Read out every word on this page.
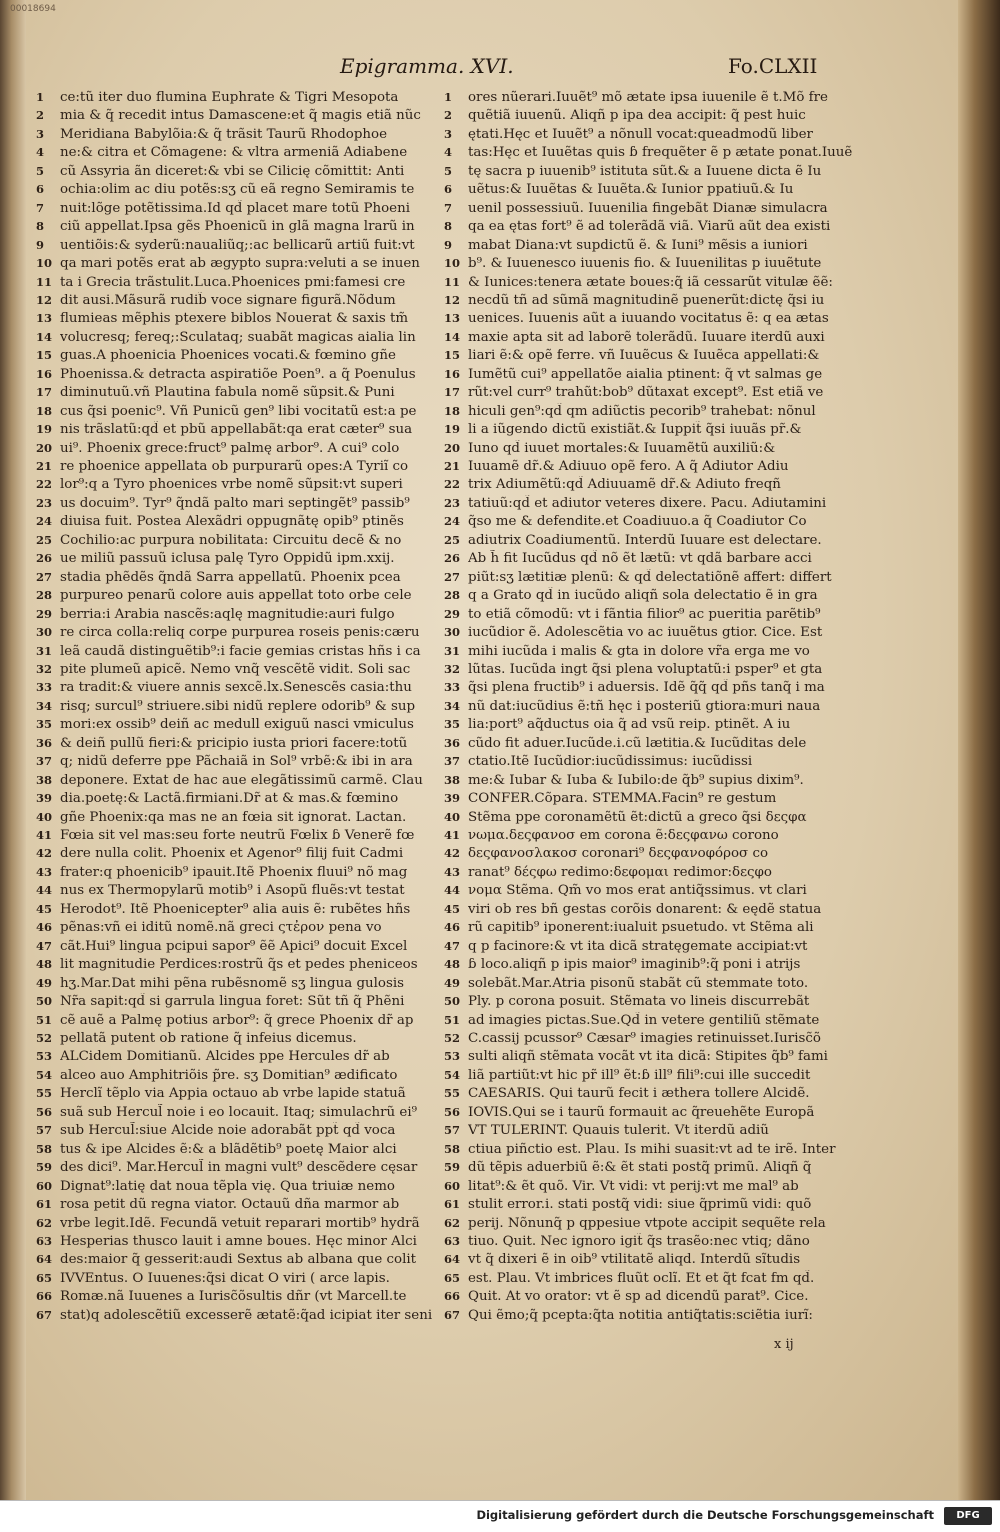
00018694
Epigramma. XVI.	Fo.CLXII
1	ce:tũ iter duo flumina Euphrate & Tigri Mesopota
2	mia & q̃ recedit intus Damascene:et q̃ magis etiã nũc
3	Meridiana Babylõia:& q̃ trãsit Taurũ Rhodophoe
4	ne:& citra et Cõmagene: & vltra armeniã Adiabene
5	cũ Assyria ãn diceret:& vbi se Cilicię cõmittit: Anti
6	ochia:olim ac diu potẽs:sʒ cũ eã regno Semiramis te
7	nuit:lõge potẽtissima.Id qd̃ placet mare totũ Phoeni
8	ciũ appellat.Ipsa gẽs Phoenicũ in glã magna lrarũ in
9	uentiõis:& syderũ:naualiũq;:ac bellicarũ artiũ fuit:vt
10 qa mari potẽs erat ab ægypto supra:veluti a se inuen
11 ta i Grecia trãstulit.Luca.Phoenices pmi:famesi cre
12 dit ausi.Mãsurã rudib̃ voce signare figurã.Nõdum
13 flumieas mẽphis ptexere biblos Nouerat & saxis tm̃
14 volucresq; fereq;:Sculataq; suabãt magicas aialia lin
15 guas.A phoenicia Phoenices vocati.& fœmino gñe
16 Phoenissa.& detracta aspiratiõe Poen⁹. a q̃ Poenulus
17 diminutuũ.vñ Plautina fabula nomẽ sũpsit.& Puni
18 cus q̃si poenic⁹. Vñ Punicũ gen⁹ libi vocitatũ est:a pe
19 nis trãslatũ:qd̃ et pbũ appellabãt:qa erat cæter⁹ sua
20 ui⁹. Phoenix grece:fruct⁹ palmę arbor⁹. A cui⁹ colo
21 re phoenice appellata ob purpurarũ opes:A Tyriĩ co
22 lor⁹:q a Tyro phoenices vrbe nomẽ sũpsit:vt superi
23 us docuim⁹. Tyr⁹ q̃ndã palto mari septingẽt⁹ passib⁹
24 diuisa fuit. Postea Alexãdri oppugnãtę opib⁹ ptinẽs
25 Cochilio:ac purpura nobilitata: Circuitu decẽ & no
26 ue miliũ passuũ iclusa palę Tyro Oppidũ ipm.xxij.
27 stadia phẽdẽs q̃ndã Sarra appellatũ. Phoenix pcea
28 purpureo penarũ colore auis appellat toto orbe cele
29 berria:i Arabia nascẽs:aqlę magnitudie:auri fulgo
30 re circa colla:reliq corpe purpurea roseis penis:cæru
31 leã caudã distinguẽtib⁹:i facie gemias cristas hñs i ca
32 pite plumeũ apicẽ. Nemo vnq̃ vescẽtẽ vidit. Soli sac
33 ra tradit:& viuere annis sexcẽ.lx.Senescẽs casia:thu
34 risq; surcul⁹ striuere.sibi nidũ replere odorib⁹ & sup
35 mori:ex ossib⁹ deiñ ac medull exiguũ nasci vmiculus
36 & deiñ pullũ fieri:& pricipio iusta priori facere:totũ
37 q; nidũ deferre ppe Pãchaiã in Sol⁹ vrbẽ:& ibi in ara
38 deponere. Extat de hac aue elegãtissimũ carmẽ. Clau
39 dia.poetę:& Lactã.firmiani.Dr̃ at & mas.& fœmino
40 gñe Phoenix:qa mas ne an fœia sit ignorat. Lactan.
41 Fœia sit vel mas:seu forte neutrũ Fœlix ɓ Venerẽ fœ
42 dere nulla colit. Phoenix et Agenor⁹ filij fuit Cadmi
43 frater:q phoenicib⁹ ipauit.Itẽ Phoenix fluui⁹ nõ mag
44 nus ex Thermopylarũ motib⁹ i Asopũ fluẽs:vt testat
45 Herodot⁹. Itẽ Phoenicepter⁹ alia auis ẽ: rubẽtes hñs
46 pẽnas:vñ ei iditũ nomẽ.nã greci ςτἐρον pena vo
47 cãt.Hui⁹ lingua pcipui sapor⁹ ẽẽ Apici⁹ docuit Excel
48 lit magnitudie Perdices:rostrũ q̃s et pedes pheniceos
49 hʒ.Mar.Dat mihi pẽna rubẽsnomẽ sʒ lingua gulosis
50 Nr̃a sapit:qd̃ si garrula lingua foret: Sũt tñ q̃ Phẽni
51 cẽ auẽ a Palmę potius arbor⁹: q̃ grece Phoenix dr̃ ap
52 pellatã putent ob ratione q̃ infeius dicemus.
53 ALCidem Domitianũ. Alcides ppe Hercules dr̃ ab
54 alceo auo Amphitriõis p̃re. sʒ Domitian⁹ ædificato
55 Herclĩ tẽplo via Appia octauo ab vrbe lapide statuã
56 suã sub Hercul̃ noie i eo locauit. Itaq; simulachrũ ei⁹
57 sub Hercul̃:siue Alcide noie adorabãt ppt̃ qd̃ voca
58 tus & ipe Alcides ẽ:& a blãdẽtib⁹ poetę Maior alci
59 des dici⁹. Mar.Hercul̃ in magni vult⁹ descẽdere cęsar
60 Dignat⁹:latię dat noua tẽpla vię. Qua triuiæ nemo
61 rosa petit dũ regna viator. Octauũ dña marmor ab
62 vrbe legit.Idẽ. Fecundã vetuit reparari mortib⁹ hydrã
63 Hesperias thusco lauit i amne boues. Hęc minor Alci
64 des:maior q̃ gesserit:audi Sextus ab albana que colit
65 IVVEntus. O Iuuenes:q̃si dicat O viri ( arce lapis.
66 Romæ.nã Iuuenes a Iurisc̃õsultis dñr (vt Marcell.te
67 stat)q adolescẽtiũ excesserẽ ætatẽ:q̃ad icipiat iter seni
1	ores nũerari.Iuuẽt⁹ mõ ætate ipsa iuuenile ẽ t.Mõ fre
2	quẽtiã iuuenũ. Aliqñ p ipa dea accipit: q̃ pest huic
3	ętati.Hęc et Iuuẽt⁹ a nõnull vocat:queadmodũ liber
4	tas:Hęc et Iuuẽtas quis ɓ frequẽter ẽ p ætate ponat.Iuuẽ
5	tę sacra p iuuenib⁹ istituta sũt.& a Iuuene dicta ẽ Iu
6	uẽtus:& Iuuẽtas & Iuuẽta.& Iunior ppatiuũ.& Iu
7	uenil possessiuũ. Iuuenilia fingebãt Dianæ simulacra
8	qa ea ętas fort⁹ ẽ ad tolerãdã viã. Viarũ aũt dea existi
9	mabat Diana:vt supdictũ ẽ. & Iuni⁹ mẽsis a iuniori
10 b⁹. & Iuuenesco iuuenis fio. & Iuuenilitas p iuuẽtute
11 & Iunices:tenera ætate boues:q̃ iã cessarũt vitulæ ẽẽ:
12 necdũ tñ ad sũmã magnitudinẽ puenerũt:dictę q̃si iu
13 uenices. Iuuenis aũt a iuuando vocitatus ẽ: q ea ætas
14 maxie apta sit ad laborẽ tolerãdũ. Iuuare iterdũ auxi
15 liari ẽ:& opẽ ferre. vñ Iuuẽcus & Iuuẽca appellati:&
16 Iumẽtũ cui⁹ appellatõe aialia ptinent: q̃ vt salmas ge
17 rũt:vel curr⁹ trahũt:bob⁹ dũtaxat except⁹. Est etiã ve
18 hiculi gen⁹:qd̃ qm adiũctis pecorib⁹ trahebat: nõnul
19 li a iũgendo dictũ existiãt.& Iuppit̃ q̃si iuuãs pr̃.&
20 Iuno qd̃ iuuet mortales:& Iuuamẽtũ auxiliũ:&
21 Iuuamẽ dr̃.& Adiuuo opẽ fero. A q̃ Adiutor Adiu
22 trix Adiumẽtũ:qd̃ Adiuuamẽ dr̃.& Adiuto freqñ
23 tatiuũ:qd̃ et adiutor veteres dixere. Pacu. Adiutamini
24 q̃so me & defendite.et Coadiuuo.a q̃ Coadiutor Co
25 adiutrix Coadiumentũ. Interdũ Iuuare est delectare.
26 Ab h̃ fit Iucũdus qd̃ nõ ẽt lætũ: vt qdã barbare acci
27 piũt:sʒ lætitiæ plenũ: & qd̃ delectatiõnẽ affert: differt
28 q a Grato qd̃ in iucũdo aliqñ sola delectatio ẽ in gra
29 to etiã cõmodũ: vt i fãntia filior⁹ ac pueritia parẽtib⁹
30 iucũdior ẽ. Adolescẽtia vo ac iuuẽtus gtior. Cice. Est
31 mihi iucũda i malis & gta in dolore vr̃a erga me vo
32 lũtas. Iucũda ingt q̃si plena voluptatũ:i psper⁹ et gta
33 q̃si plena fructib⁹ i aduersis. Idẽ q̃q̃ qd̃ pñs tanq̃ i ma
34 nũ dat:iucũdius ẽ:tñ hęc i posteriũ gtiora:muri naua
35 lia:port⁹ aq̃ductus oia q̃ ad vsũ reip. ptinẽt. A iu
36 cũdo fit aduer.Iucũde.i.cũ lætitia.& Iucũditas dele
37 ctatio.Itẽ Iucũdior:iucũdissimus: iucũdissi
38 me:& Iubar & Iuba & Iubilo:de q̃b⁹ supius dixim⁹.
39 CONFER.Cõpara. STEMMA.Facin⁹ re gestum
40 Stẽma ppe coronamẽtũ ẽt:dictũ a greco q̃si δεςφα
41 νωμα.δεςφανοσ em corona ẽ:δεςφανω corono
42 δεςφανοσλακοσ coronari⁹ δεςφανοφόροσ co
43 ranat⁹ δέςφω redimo:δεφομαι redimor:δεςφο
44 νομα Stẽma. Qm̃ vo mos erat antiq̃ssimus. vt clari
45 viri ob res bñ gestas corõis donarent: & eędẽ statua
46 rũ capitib⁹ iponerent:iualuit psuetudo. vt Stẽma ali
47 q p facinore:& vt ita dicã stratęgemate accipiat:vt
48 ɓ loco.aliqñ p ipis maior⁹ imaginib⁹:q̃ poni i atrijs
49 solebãt.Mar.Atria pisonũ stabãt cũ stemmate toto.
50 Ply. p corona posuit. Stẽmata vo lineis discurrebãt
51 ad imagies pictas.Sue.Qd̃ in vetere gentiliũ stẽmate
52 C.cassij pcussor⁹ Cæsar⁹ imagies retinuisset.Iurisc̃õ
53 sulti aliqñ stẽmata vocãt vt ita dicã: Stipites q̃b⁹ fami
54 liã partiũt:vt hic pr̃ ill⁹ ẽt:ɓ ill⁹ fili⁹:cui ille succedit
55 CAESARIS. Qui taurũ fecit i æthera tollere Alcidẽ.
56 IOVIS.Qui se i taurũ formauit ac q̃reuehẽte Europã
57 VT TULERINT. Quauis tulerit. Vt iterdũ adiũ
58 ctiua piñctio est. Plau. Is mihi suasit:vt ad te irẽ. Inter
59 dũ tẽpis aduerbiũ ẽ:& ẽt stati postq̃ primũ. Aliqñ q̃
60 litat⁹:& ẽt quõ. Vir. Vt vidi: vt perij:vt me mal⁹ ab
61 stulit error.i. stati postq̃ vidi: siue q̃primũ vidi: quõ
62 perij. Nõnunq̃ p qppesiue vtpote accipit sequẽte rela
63 tiuo. Quit. Nec ignoro igit̃ q̃s trasẽo:nec vtiq; dãno
64 vt q̃ dixeri ẽ in oib⁹ vtilitatẽ aliqd. Interdũ sĩtudis
65 est. Plau. Vt imbrices fluũt oclĩ. Et et q̃t fcat fm qd̃.
66 Quit. At vo orator: vt ẽ sp ad dicendũ parat⁹. Cice.
67 Qui ẽmo;q̃ pcepta:q̃ta notitia antiq̃tatis:sciẽtia iurĩ:
x ij
Digitalisierung gefördert durch die Deutsche Forschungsgemeinschaft	DFG
